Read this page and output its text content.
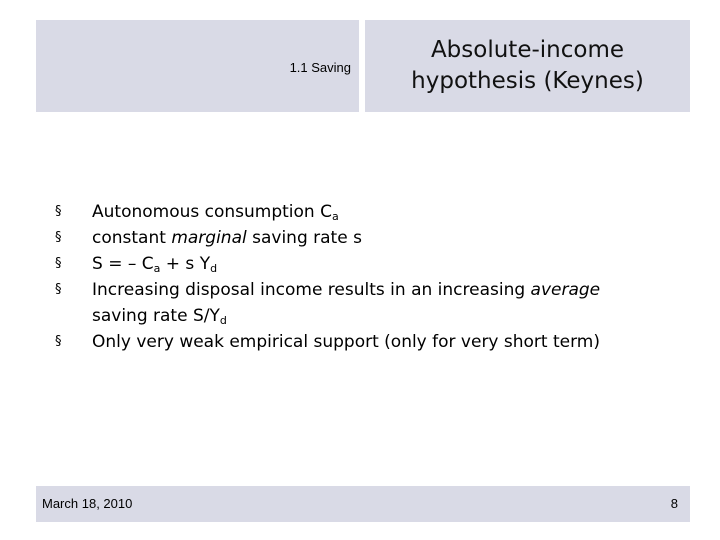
1.1 Saving
Absolute-income
hypothesis (Keynes)
§ Autonomous consumption $C_a$
§ constant marginal saving rate s
§ S = – $C_a + s$ $Y_d$
§ Increasing disposal income results in an increasing average
saving rate $S/Y_d$
§ Only very weak empirical support (only for very short term)
March 18, 2010	8
